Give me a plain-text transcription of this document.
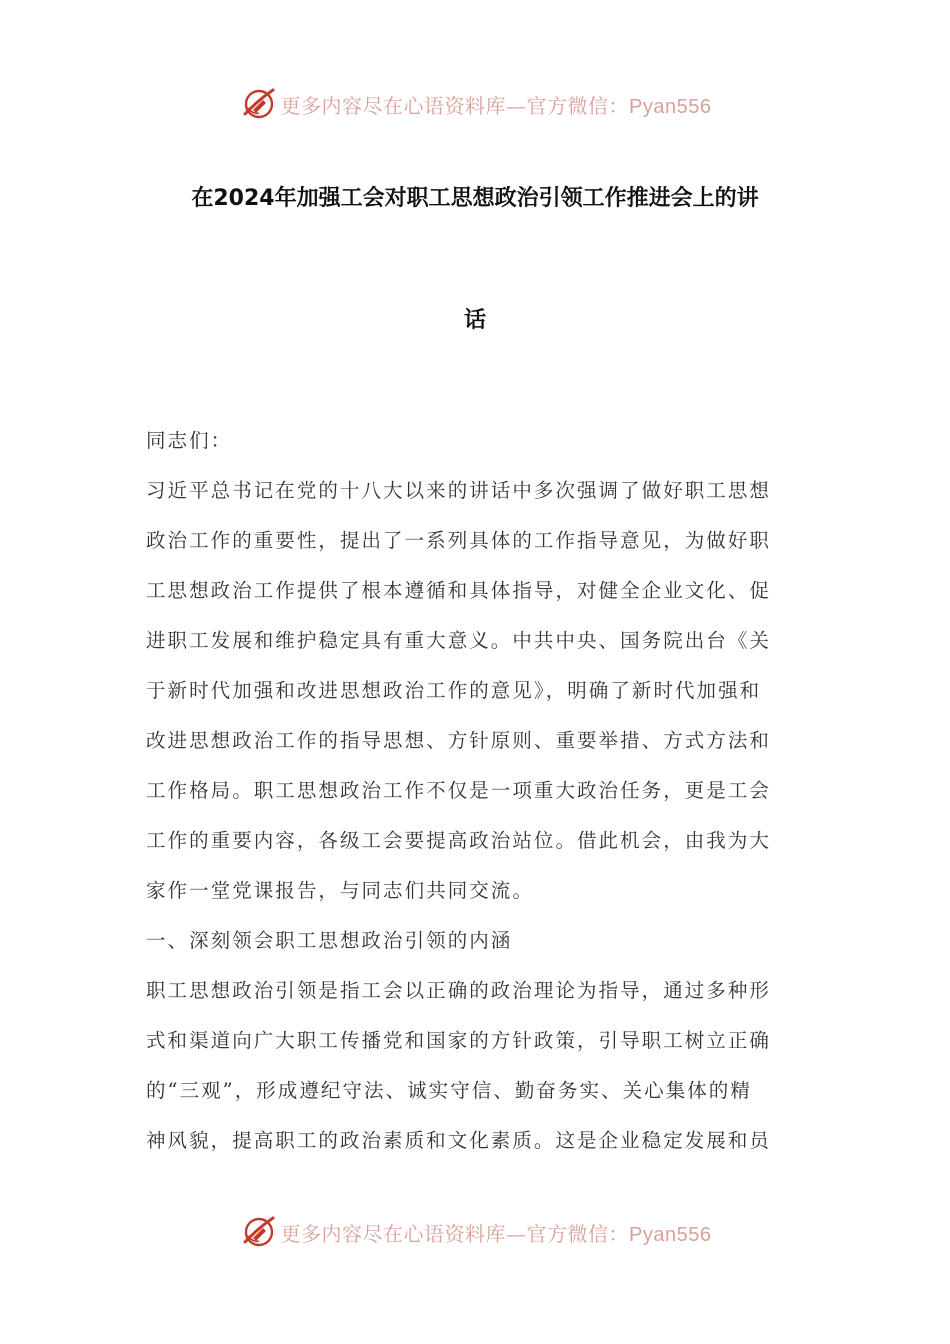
更多内容尽在心语资料库—官方微信：Pyan556
在2024年加强工会对职工思想政治引领工作推进会上的讲
话
同志们：
习近平总书记在党的十八大以来的讲话中多次强调了做好职工思想
政治工作的重要性，提出了一系列具体的工作指导意见，为做好职
工思想政治工作提供了根本遵循和具体指导，对健全企业文化、促
进职工发展和维护稳定具有重大意义。中共中央、国务院出台《关
于新时代加强和改进思想政治工作的意见》，明确了新时代加强和
改进思想政治工作的指导思想、方针原则、重要举措、方式方法和
工作格局。职工思想政治工作不仅是一项重大政治任务，更是工会
工作的重要内容，各级工会要提高政治站位。借此机会，由我为大
家作一堂党课报告，与同志们共同交流。
一、深刻领会职工思想政治引领的内涵
职工思想政治引领是指工会以正确的政治理论为指导，通过多种形
式和渠道向广大职工传播党和国家的方针政策，引导职工树立正确
的“三观”，形成遵纪守法、诚实守信、勤奋务实、关心集体的精
神风貌，提高职工的政治素质和文化素质。这是企业稳定发展和员
更多内容尽在心语资料库—官方微信：Pyan556
